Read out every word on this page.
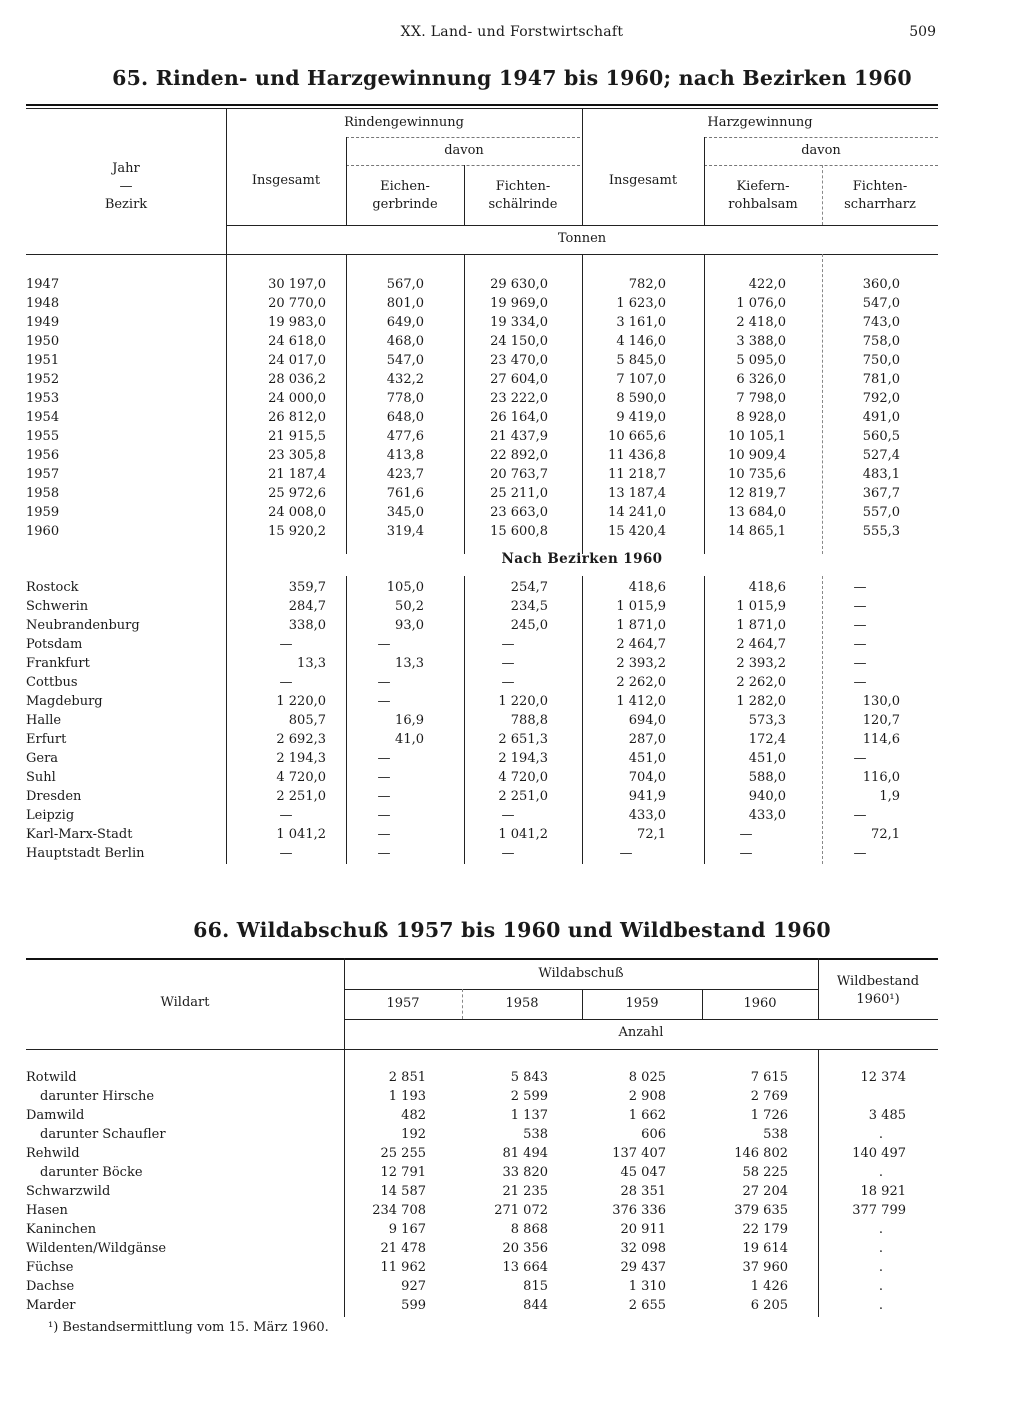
XX. Land- und Forstwirtschaft	509
65. Rinden- und Harzgewinnung 1947 bis 1960; nach Bezirken 1960
Jahr
—
Bezirk
Rindengewinnung	Harzgewinnung
davon	davon
Insgesamt	Insgesamt
Eichen-
gerbrinde
Fichten-
schälrinde
Kiefern-
rohbalsam
Fichten-
scharrharz
Tonnen
1947 .....	30 197,0	567,0	29 630,0	782,0	422,0	360,0
1948 .....	20 770,0	801,0	19 969,0	1 623,0	1 076,0	547,0
1949 .....	19 983,0	649,0	19 334,0	3 161,0	2 418,0	743,0
1950 .....	24 618,0	468,0	24 150,0	4 146,0	3 388,0	758,0
1951 .....	24 017,0	547,0	23 470,0	5 845,0	5 095,0	750,0
1952 .....	28 036,2	432,2	27 604,0	7 107,0	6 326,0	781,0
1953 .....	24 000,0	778,0	23 222,0	8 590,0	7 798,0	792,0
1954 .....	26 812,0	648,0	26 164,0	9 419,0	8 928,0	491,0
1955 .....	21 915,5	477,6	21 437,9	10 665,6	10 105,1	560,5
1956 .....	23 305,8	413,8	22 892,0	11 436,8	10 909,4	527,4
1957 .....	21 187,4	423,7	20 763,7	11 218,7	10 735,6	483,1
1958 .....	25 972,6	761,6	25 211,0	13 187,4	12 819,7	367,7
1959 .....	24 008,0	345,0	23 663,0	14 241,0	13 684,0	557,0
1960 .....	15 920,2	319,4	15 600,8	15 420,4	14 865,1	555,3
Nach Bezirken 1960
Rostock .....	359,7	105,0	254,7	418,6	418,6	—
Schwerin .....	284,7	50,2	234,5	1 015,9	1 015,9	—
Neubrandenburg .....	338,0	93,0	245,0	1 871,0	1 871,0	—
Potsdam .....	—	—	—	2 464,7	2 464,7	—
Frankfurt .....	13,3	13,3	—	2 393,2	2 393,2	—
Cottbus .....	—	—	—	2 262,0	2 262,0	—
Magdeburg .....	1 220,0	—	1 220,0	1 412,0	1 282,0	130,0
Halle .....	805,7	16,9	788,8	694,0	573,3	120,7
Erfurt .....	2 692,3	41,0	2 651,3	287,0	172,4	114,6
Gera .....	2 194,3	—	2 194,3	451,0	451,0	—
Suhl .....	4 720,0	—	4 720,0	704,0	588,0	116,0
Dresden .....	2 251,0	—	2 251,0	941,9	940,0	1,9
Leipzig .....	—	—	—	433,0	433,0	—
Karl-Marx-Stadt .....	1 041,2	—	1 041,2	72,1	—	72,1
Hauptstadt Berlin .....	—	—	—	—	—	—
66. Wildabschuß 1957 bis 1960 und Wildbestand 1960
Wildart
Wildabschuß
1957	1958	1959	1960
Wildbestand
1960¹)
Anzahl
Rotwild .....	2 851	5 843	8 025	7 615	12 374
darunter Hirsche .....	1 193	2 599	2 908	2 769
Damwild .....	482	1 137	1 662	1 726	3 485
darunter Schaufler .....	192	538	606	538	.
Rehwild .....	25 255	81 494	137 407	146 802	140 497
darunter Böcke .....	12 791	33 820	45 047	58 225	.
Schwarzwild .....	14 587	21 235	28 351	27 204	18 921
Hasen .....	234 708	271 072	376 336	379 635	377 799
Kaninchen .....	9 167	8 868	20 911	22 179	.
Wildenten/Wildgänse .....	21 478	20 356	32 098	19 614	.
Füchse .....	11 962	13 664	29 437	37 960	.
Dachse .....	927	815	1 310	1 426	.
Marder .....	599	844	2 655	6 205	.
¹) Bestandsermittlung vom 15. März 1960.
